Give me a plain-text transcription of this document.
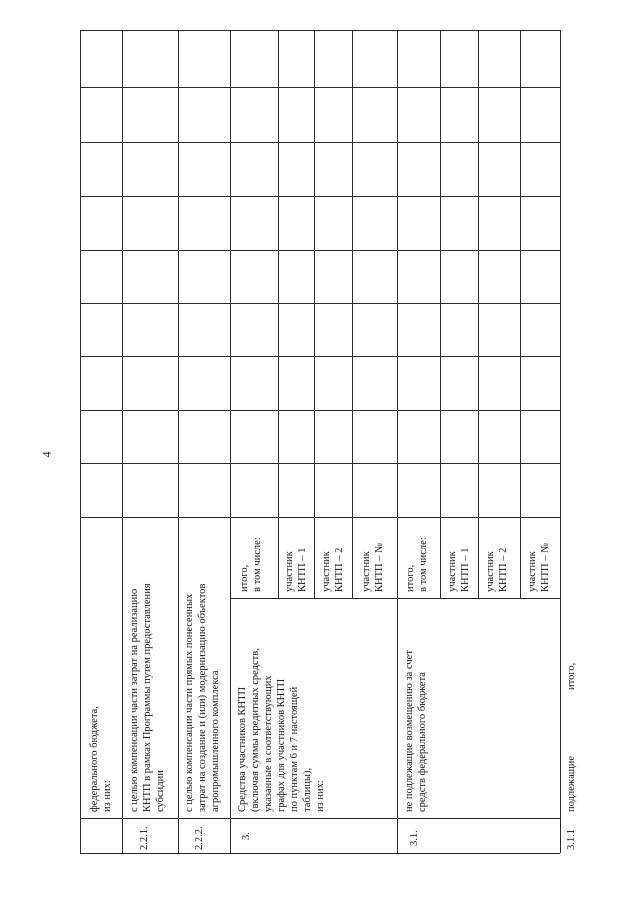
4
федерального бюджета, из них:
2.2.1.
с целью компенсации части затрат на реализацию КНТП в рамках Программы путем предоставления субсидии
2.2.2.
с целью компенсации части прямых понесенных затрат на создание и (или) модернизацию объектов агропромышленного комплекса
3.
Средства участников КНТП (включая суммы кредитных средств, указанные в соответствующих графах для участников КНТП по пунктам 6 и 7 настоящей таблицы), из них:
итого, в том числе: участник КНТП – 1 участник КНТП – 2 участник КНТП – №
3.1.
не подлежащие возмещению за счет средств федерального бюджета
итого, в том числе: участник КНТП – 1 участник КНТП – 2 участник КНТП – №
3.1.1
подлежащие
итого,
